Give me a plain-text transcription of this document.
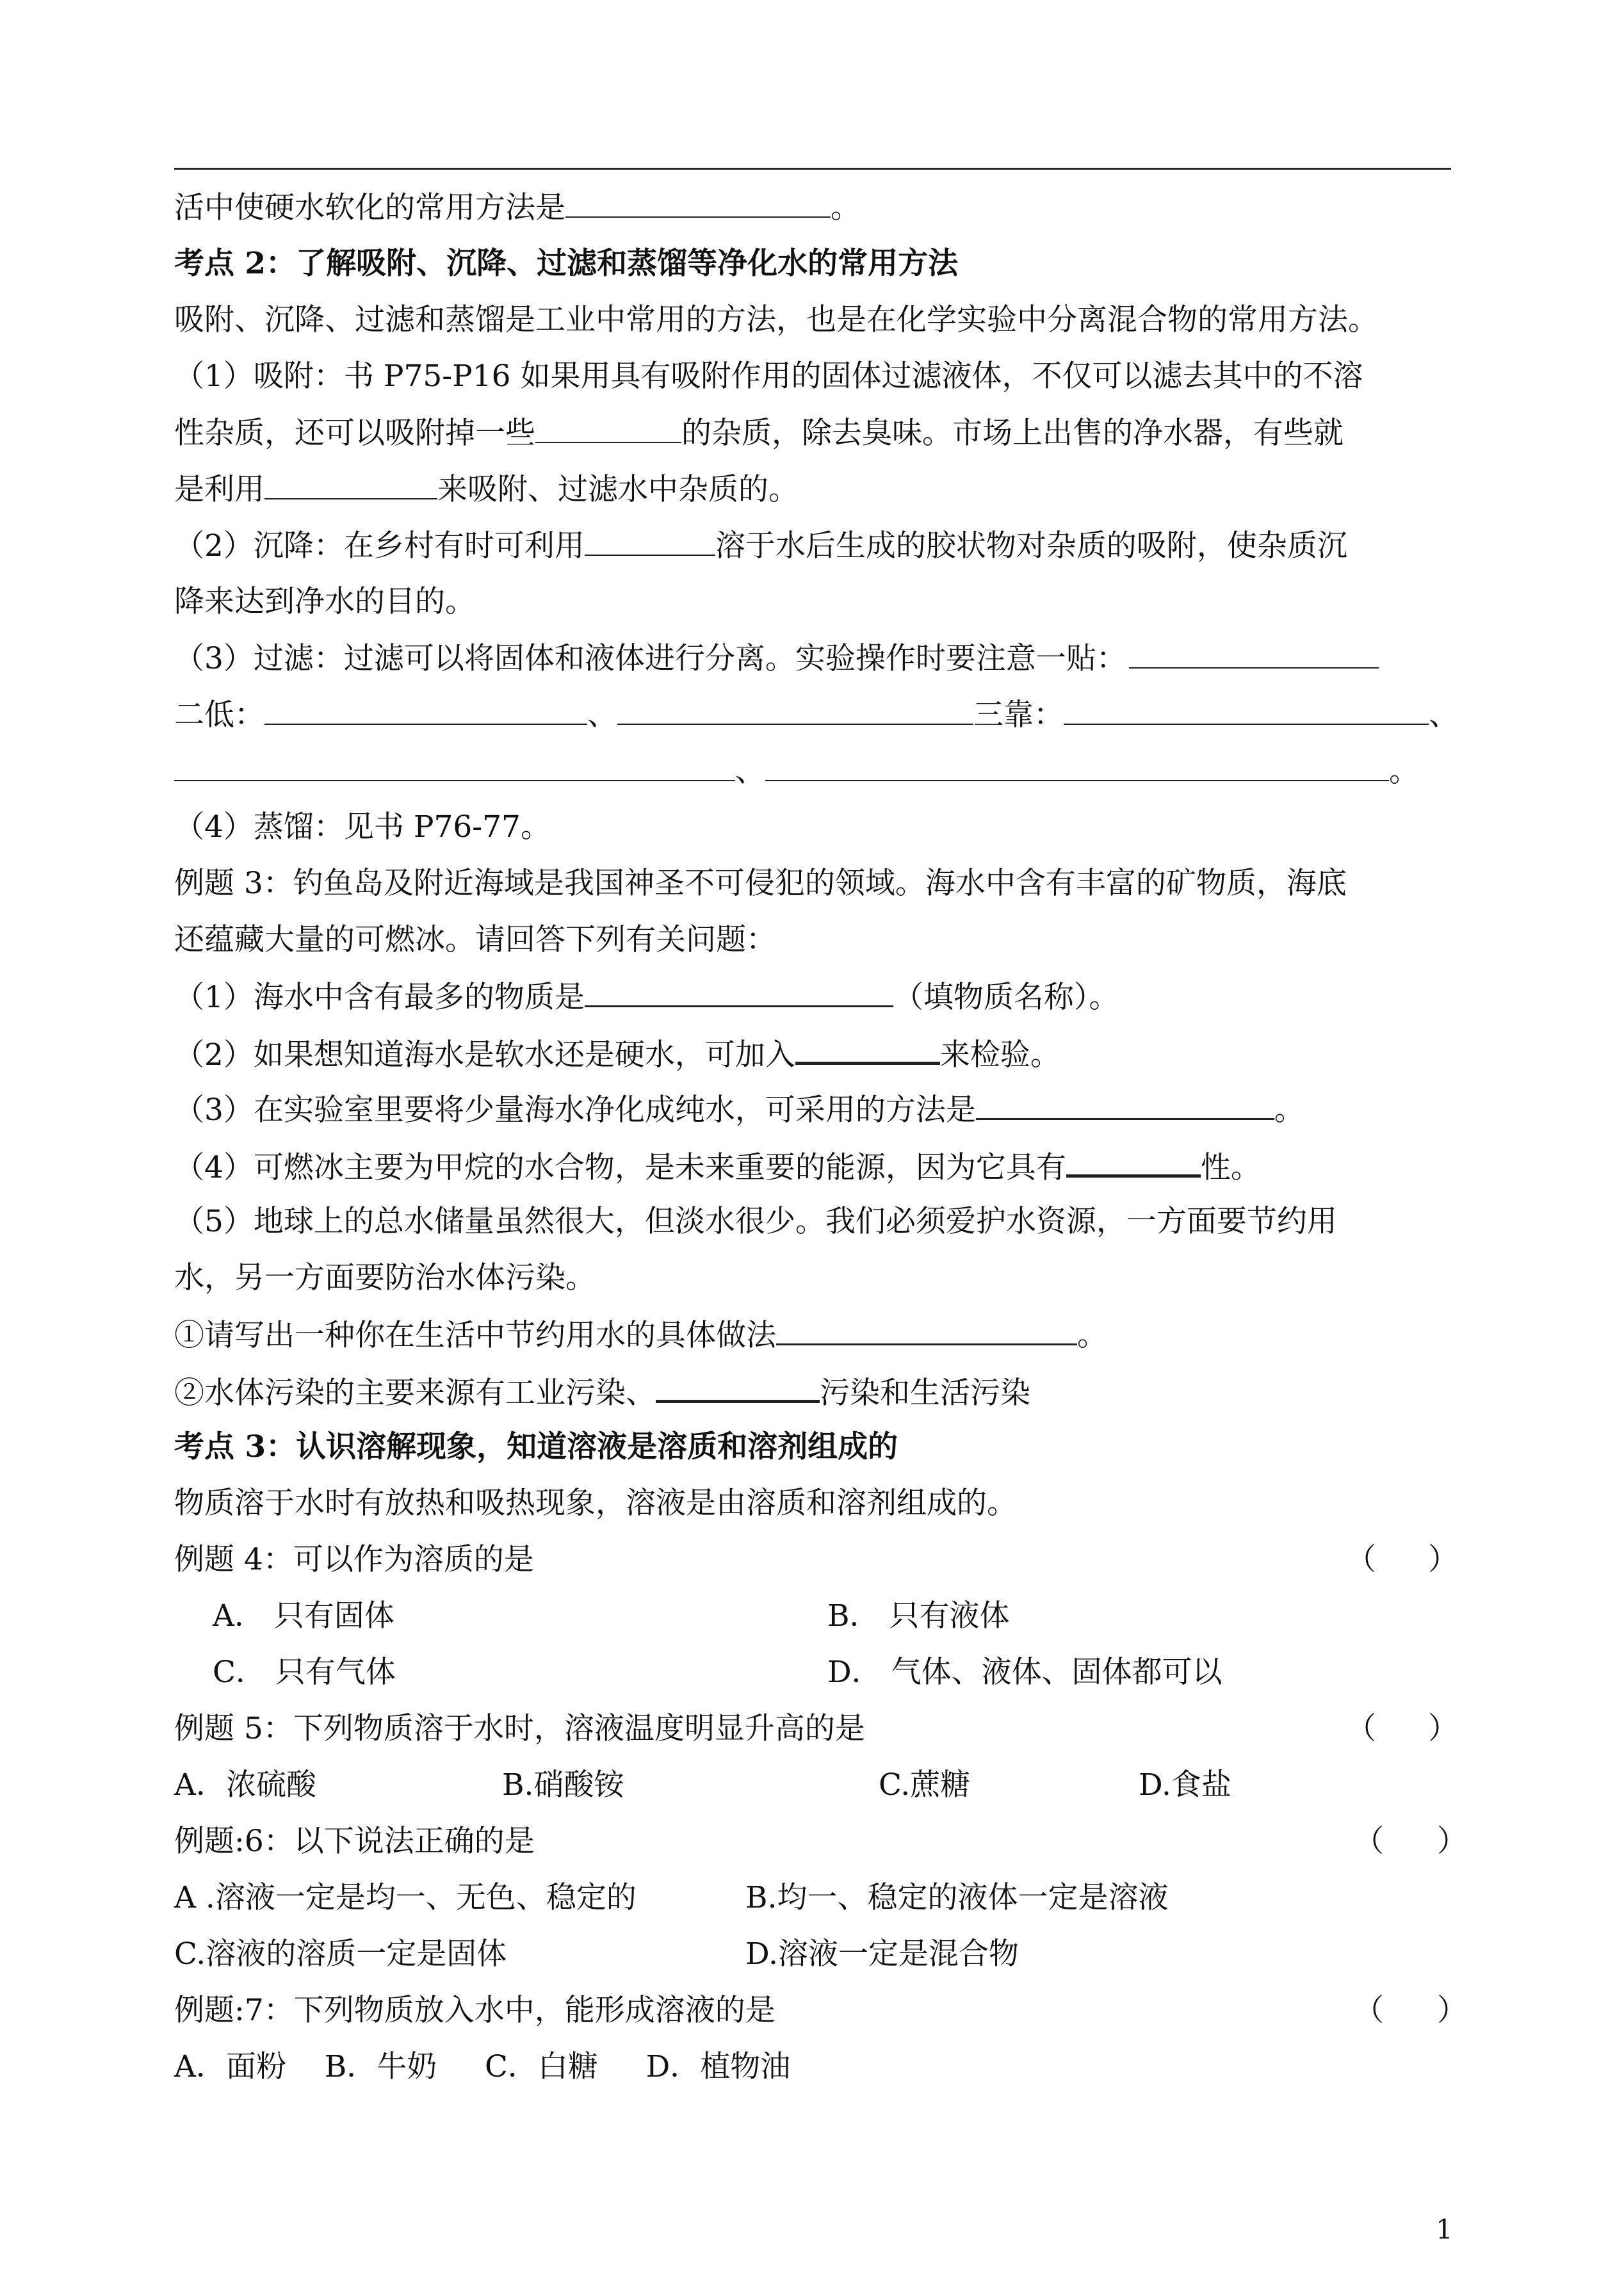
活中使硬水软化的常用方法是	。
考点 2：了解吸附、沉降、过滤和蒸馏等净化水的常用方法
吸附、沉降、过滤和蒸馏是工业中常用的方法，也是在化学实验中分离混合物的常用方法。
（1）吸附：书 P75-P16 如果用具有吸附作用的固体过滤液体，不仅可以滤去其中的不溶
性杂质，还可以吸附掉一些	的杂质，除去臭味。市场上出售的净水器，有些就
是利用	来吸附、过滤水中杂质的。
（2）沉降：在乡村有时可利用	溶于水后生成的胶状物对杂质的吸附，使杂质沉
降来达到净水的目的。
（3）过滤：过滤可以将固体和液体进行分离。实验操作时要注意一贴：
二低：	、	三靠：	、
、	。
（4）蒸馏：见书 P76-77。
例题 3：钓鱼岛及附近海域是我国神圣不可侵犯的领域。海水中含有丰富的矿物质，海底
还蕴藏大量的可燃冰。请回答下列有关问题：
（1）海水中含有最多的物质是	（填物质名称）。
（2）如果想知道海水是软水还是硬水，可加入	来检验。
（3）在实验室里要将少量海水净化成纯水，可采用的方法是	。
（4）可燃冰主要为甲烷的水合物，是未来重要的能源，因为它具有	性。
（5）地球上的总水储量虽然很大，但淡水很少。我们必须爱护水资源，一方面要节约用
水，另一方面要防治水体污染。
①请写出一种你在生活中节约用水的具体做法	。
②水体污染的主要来源有工业污染、	污染和生活污染
考点 3：认识溶解现象，知道溶液是溶质和溶剂组成的
物质溶于水时有放热和吸热现象，溶液是由溶质和溶剂组成的。
例题 4：可以作为溶质的是	（ ）
A． 只有固体	B． 只有液体
C． 只有气体	D． 气体、液体、固体都可以
例题 5：下列物质溶于水时，溶液温度明显升高的是	（ ）
A．浓硫酸	B.硝酸铵	C.蔗糖	D.食盐
例题:6：以下说法正确的是	（ ）
A .溶液一定是均一、无色、稳定的	B.均一、稳定的液体一定是溶液
C.溶液的溶质一定是固体	D.溶液一定是混合物
例题:7：下列物质放入水中，能形成溶液的是	（ ）
A．面粉    B．牛奶     C．白糖     D．植物油
1
